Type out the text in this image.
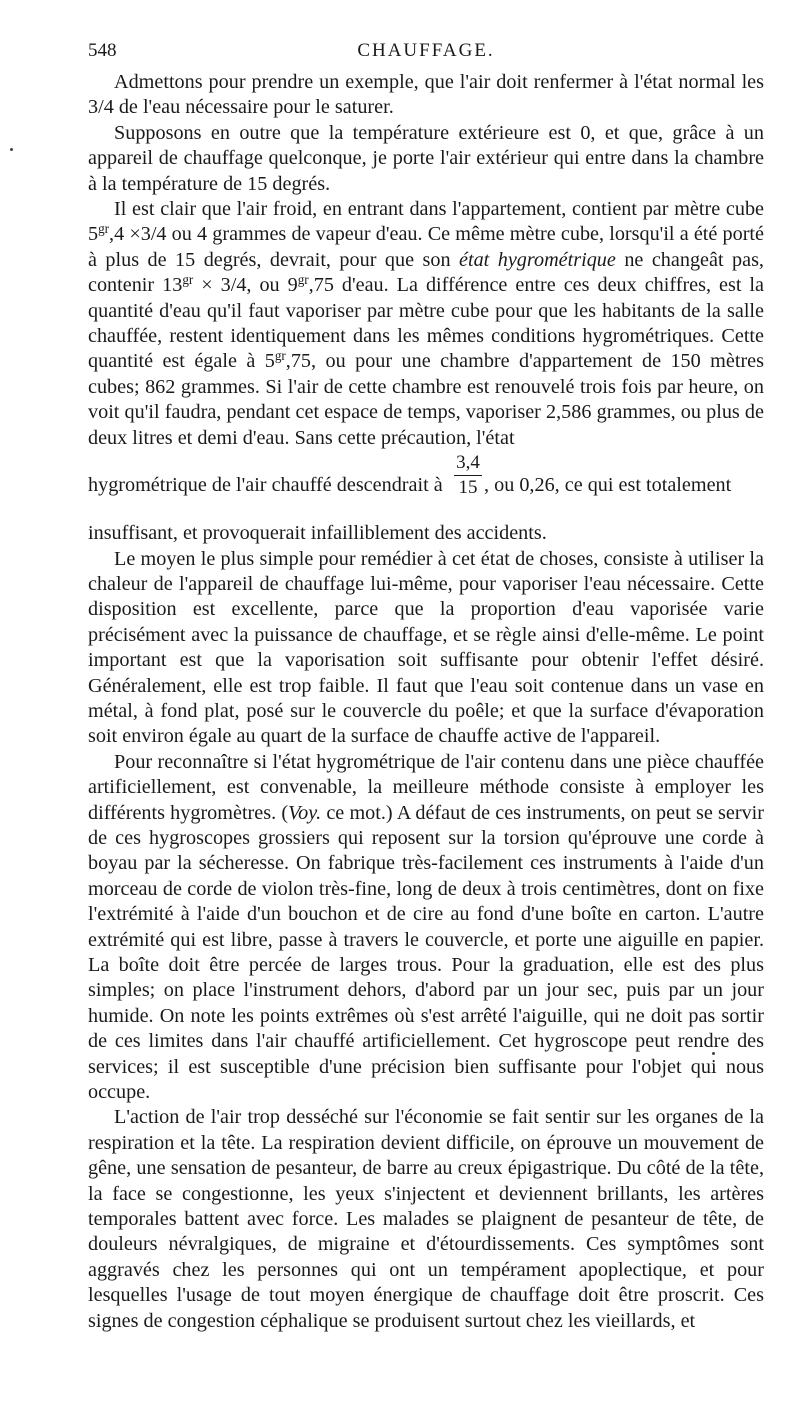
548	CHAUFFAGE.

Admettons pour prendre un exemple, que l'air doit renfermer à l'état normal les 3/4 de l'eau nécessaire pour le saturer.

Supposons en outre que la température extérieure est 0, et que, grâce à un appareil de chauffage quelconque, je porte l'air extérieur qui entre dans la chambre à la température de 15 degrés.

Il est clair que l'air froid, en entrant dans l'appartement, contient par mètre cube $5^{gr},4 \times 3/4$ ou 4 grammes de vapeur d'eau. Ce même mètre cube, lorsqu'il a été porté à plus de 15 degrés, devrait, pour que son état hygrométrique ne changeât pas, contenir $13^{gr} \times 3/4$, ou $9^{gr},75$ d'eau. La différence entre ces deux chiffres, est la quantité d'eau qu'il faut vaporiser par mètre cube pour que les habitants de la salle chauffée, restent identiquement dans les mêmes conditions hygrométriques. Cette quantité est égale à $5^{gr},75$, ou pour une chambre d'appartement de 150 mètres cubes; 862 grammes. Si l'air de cette chambre est renouvelé trois fois par heure, on voit qu'il faudra, pendant cet espace de temps, vaporiser 2,586 grammes, ou plus de deux litres et demi d'eau. Sans cette précaution, l'état

hygrométrique de l'air chauffé descendrait à $\frac{3,4}{15}$ , ou 0,26, ce qui est totalement

insuffisant, et provoquerait infailliblement des accidents.

Le moyen le plus simple pour remédier à cet état de choses, consiste à utiliser la chaleur de l'appareil de chauffage lui-même, pour vaporiser l'eau nécessaire. Cette disposition est excellente, parce que la proportion d'eau vaporisée varie précisément avec la puissance de chauffage, et se règle ainsi d'elle-même. Le point important est que la vaporisation soit suffisante pour obtenir l'effet désiré. Généralement, elle est trop faible. Il faut que l'eau soit contenue dans un vase en métal, à fond plat, posé sur le couvercle du poêle; et que la surface d'évaporation soit environ égale au quart de la surface de chauffe active de l'appareil.

Pour reconnaître si l'état hygrométrique de l'air contenu dans une pièce chauffée artificiellement, est convenable, la meilleure méthode consiste à employer les différents hygromètres. (Voy. ce mot.) A défaut de ces instruments, on peut se servir de ces hygroscopes grossiers qui reposent sur la torsion qu'éprouve une corde à boyau par la sécheresse. On fabrique très-facilement ces instruments à l'aide d'un morceau de corde de violon très-fine, long de deux à trois centimètres, dont on fixe l'extrémité à l'aide d'un bouchon et de cire au fond d'une boîte en carton. L'autre extrémité qui est libre, passe à travers le couvercle, et porte une aiguille en papier. La boîte doit être percée de larges trous. Pour la graduation, elle est des plus simples; on place l'instrument dehors, d'abord par un jour sec, puis par un jour humide. On note les points extrêmes où s'est arrêté l'aiguille, qui ne doit pas sortir de ces limites dans l'air chauffé artificiellement. Cet hygroscope peut rendre des services; il est susceptible d'une précision bien suffisante pour l'objet qui nous occupe.

L'action de l'air trop desséché sur l'économie se fait sentir sur les organes de la respiration et la tête. La respiration devient difficile, on éprouve un mouvement de gêne, une sensation de pesanteur, de barre au creux épigastrique. Du côté de la tête, la face se congestionne, les yeux s'injectent et deviennent brillants, les artères temporales battent avec force. Les malades se plaignent de pesanteur de tête, de douleurs névralgiques, de migraine et d'étourdissements. Ces symptômes sont aggravés chez les personnes qui ont un tempérament apoplectique, et pour lesquelles l'usage de tout moyen énergique de chauffage doit être proscrit. Ces signes de congestion céphalique se produisent surtout chez les vieillards, et
